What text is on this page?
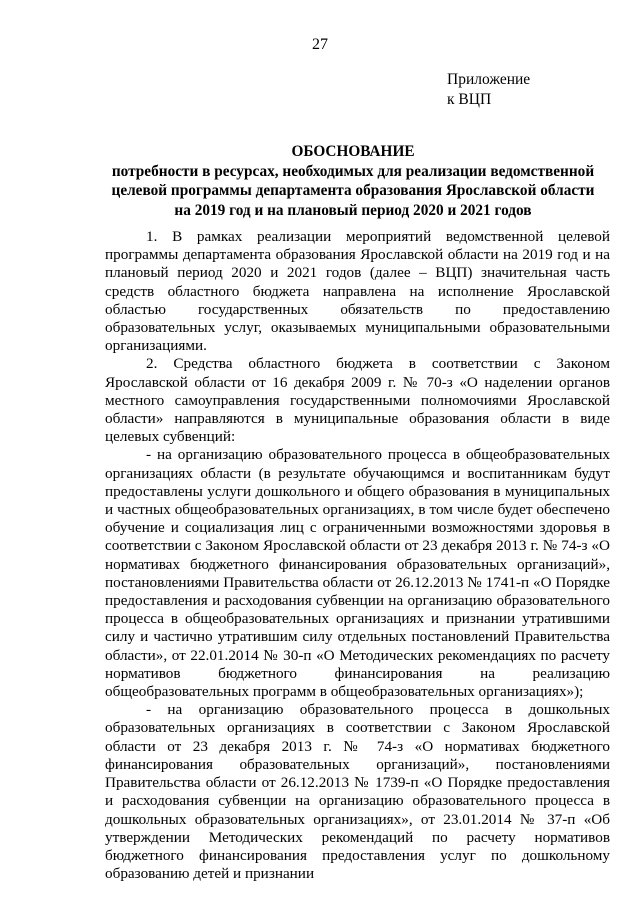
27
Приложение
к ВЦП
ОБОСНОВАНИЕ
потребности в ресурсах, необходимых для реализации ведомственной
целевой программы департамента образования Ярославской области
на 2019 год и на плановый период 2020 и 2021 годов

1. В рамках реализации мероприятий ведомственной целевой программы департамента образования Ярославской области на 2019 год и на плановый период 2020 и 2021 годов (далее – ВЦП) значительная часть средств областного бюджета направлена на исполнение Ярославской областью государственных обязательств по предоставлению образовательных услуг, оказываемых муниципальными образовательными организациями.

2. Средства областного бюджета в соответствии с Законом Ярославской области от 16 декабря 2009 г. № 70-з «О наделении органов местного самоуправления государственными полномочиями Ярославской области» направляются в муниципальные образования области в виде целевых субвенций:

- на организацию образовательного процесса в общеобразовательных организациях области (в результате обучающимся и воспитанникам будут предоставлены услуги дошкольного и общего образования в муниципальных и частных общеобразовательных организациях, в том числе будет обеспечено обучение и социализация лиц с ограниченными возможностями здоровья в соответствии с Законом Ярославской области от 23 декабря 2013 г. № 74-з «О нормативах бюджетного финансирования образовательных организаций», постановлениями Правительства области от 26.12.2013 № 1741-п «О Порядке предоставления и расходования субвенции на организацию образовательного процесса в общеобразовательных организациях и признании утратившими силу и частично утратившим силу отдельных постановлений Правительства области», от 22.01.2014 № 30-п «О Методических рекомендациях по расчету нормативов бюджетного финансирования на реализацию общеобразовательных программ в общеобразовательных организациях»);

- на организацию образовательного процесса в дошкольных образовательных организациях в соответствии с Законом Ярославской области от 23 декабря 2013 г. № 74-з «О нормативах бюджетного финансирования образовательных организаций», постановлениями Правительства области от 26.12.2013 № 1739-п «О Порядке предоставления и расходования субвенции на организацию образовательного процесса в дошкольных образовательных организациях», от 23.01.2014 № 37-п «Об утверждении Методических рекомендаций по расчету нормативов бюджетного финансирования предоставления услуг по дошкольному образованию детей и признании
